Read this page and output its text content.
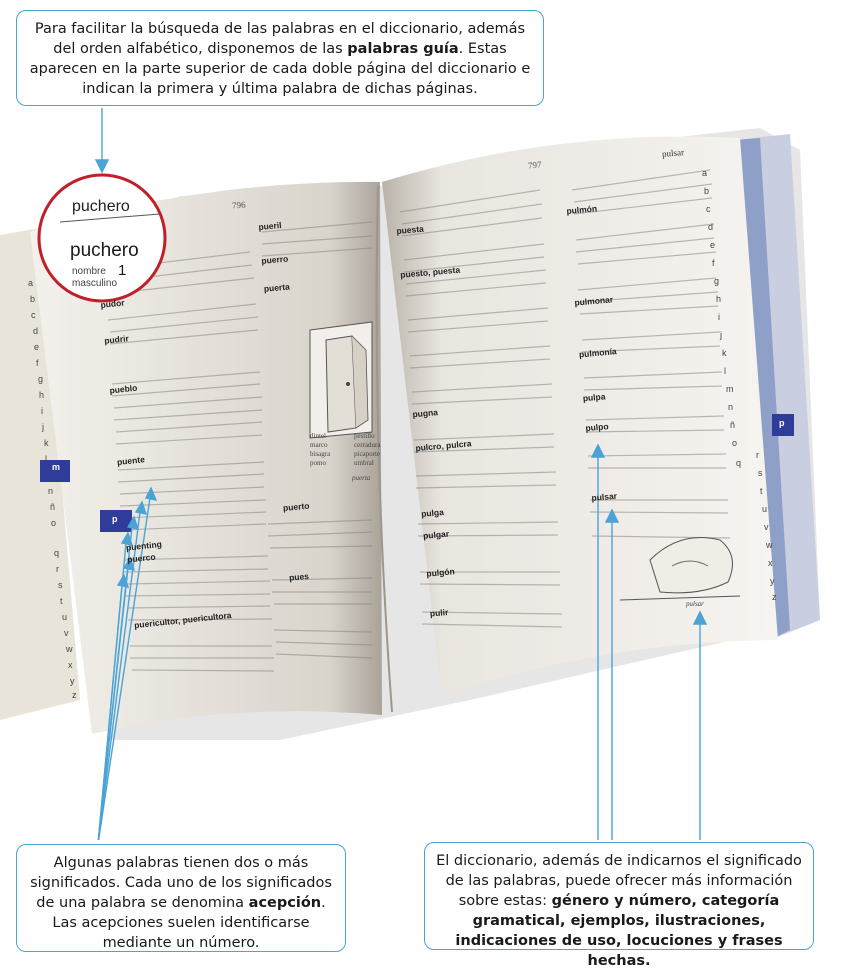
puchero
puchero
1
nombre
masculino
796
797
pulsar
pudor
pudrir
pueblo
puente
puenting
puerco
puericultor, puericultora
pueril
puerro
puerta
puerto
pues
puesta
puesto, puesta
pugna
pulcro, pulcra
pulga
pulgar
pulgón
pulir
pulmón
pulmonar
pulmonía
pulpa
pulpo
pulsar
dintel	pestillo
marco	cerradura
bisagra	picaporte
pomo	umbral
puerta
pulsar
a
b
c
d
e
f
g
h
i
j
k
l
m
n
ñ
o	p
q
r
s
t
u
v
w
x
y
z
a
b
c
d
e
f
g
h
i
j
k
l
m
n
ñ
o
p
q
r
s
t
u
v
w
x
y
z
Para facilitar la búsqueda de las palabras en el diccionario, además del orden alfabético, disponemos de las palabras guía. Estas aparecen en la parte superior de cada doble página del diccionario e indican la primera y última palabra de dichas páginas.
Algunas palabras tienen dos o más significados. Cada uno de los significados de una palabra se denomina acepción. Las acepciones suelen identificarse mediante un número.
El diccionario, además de indicarnos el significado de las palabras, puede ofrecer más información sobre estas: género y número, categoría gramatical, ejemplos, ilustraciones, indicaciones de uso, locuciones y frases hechas.
